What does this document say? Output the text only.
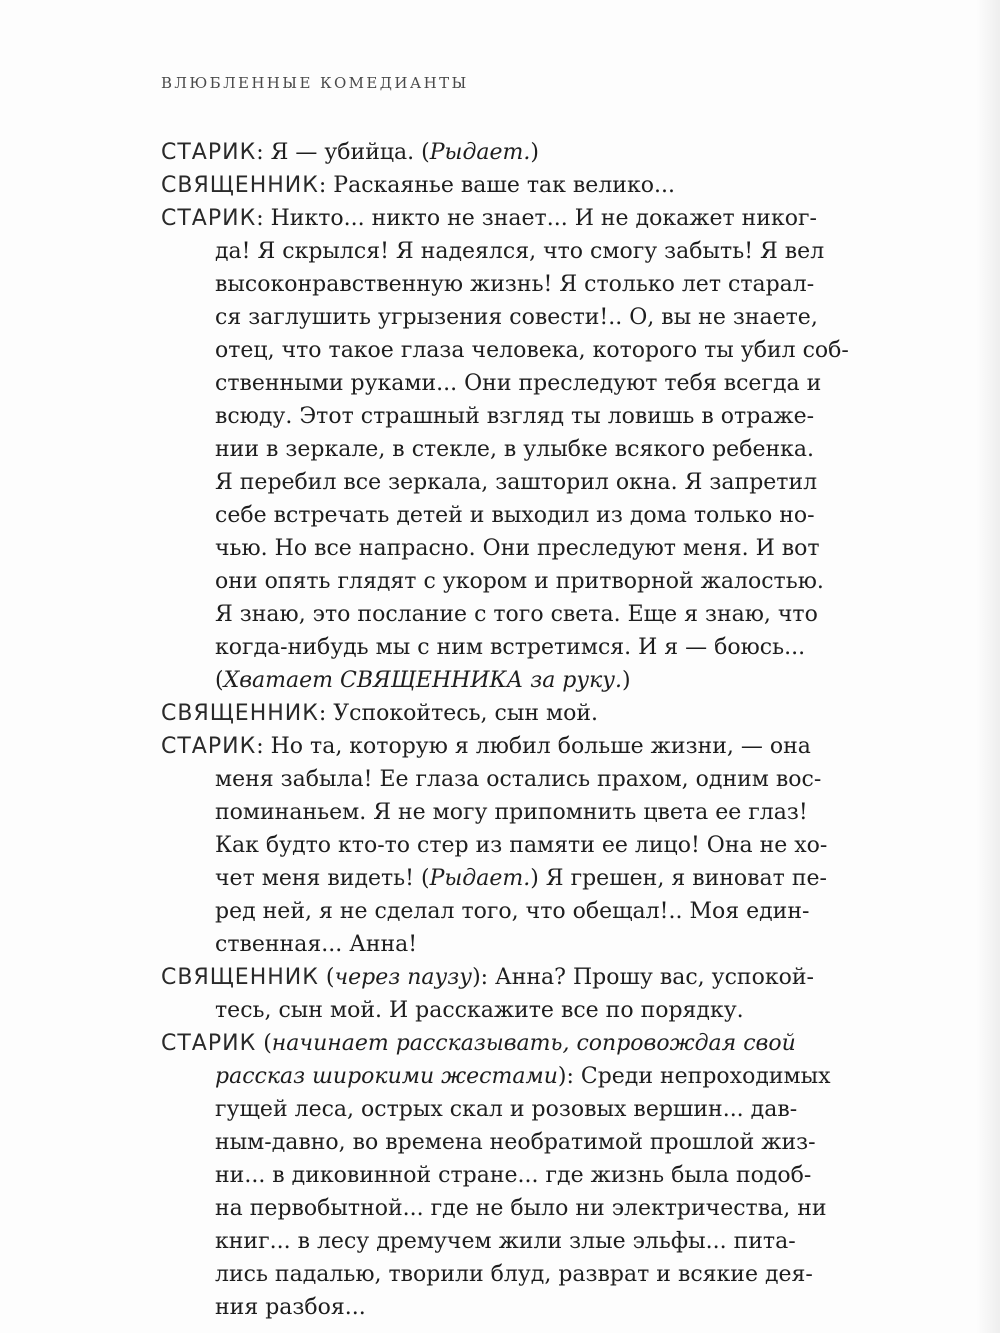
ВЛЮБЛЕННЫЕ КОМЕДИАНТЫ
СТАРИК: Я — убийца. (Рыдает.)
СВЯЩЕННИК: Раскаянье ваше так велико...
СТАРИК: Никто... никто не знает... И не докажет никог-
да! Я скрылся! Я надеялся, что смогу забыть! Я вел
высоконравственную жизнь! Я столько лет старал-
ся заглушить угрызения совести!.. О, вы не знаете,
отец, что такое глаза человека, которого ты убил соб-
ственными руками... Они преследуют тебя всегда и
всюду. Этот страшный взгляд ты ловишь в отраже-
нии в зеркале, в стекле, в улыбке всякого ребенка.
Я перебил все зеркала, зашторил окна. Я запретил
себе встречать детей и выходил из дома только но-
чью. Но все напрасно. Они преследуют меня. И вот
они опять глядят с укором и притворной жалостью.
Я знаю, это послание с того света. Еще я знаю, что
когда-нибудь мы с ним встретимся. И я — боюсь...
(Хватает СВЯЩЕННИКА за руку.)
СВЯЩЕННИК: Успокойтесь, сын мой.
СТАРИК: Но та, которую я любил больше жизни, — она
меня забыла! Ее глаза остались прахом, одним вос-
поминаньем. Я не могу припомнить цвета ее глаз!
Как будто кто-то стер из памяти ее лицо! Она не хо-
чет меня видеть! (Рыдает.) Я грешен, я виноват пе-
ред ней, я не сделал того, что обещал!.. Моя един-
ственная... Анна!
СВЯЩЕННИК (через паузу): Анна? Прошу вас, успокой-
тесь, сын мой. И расскажите все по порядку.
СТАРИК (начинает рассказывать, сопровождая свой
рассказ широкими жестами): Среди непроходимых
гущей леса, острых скал и розовых вершин... дав-
ным-давно, во времена необратимой прошлой жиз-
ни... в диковинной стране... где жизнь была подоб-
на первобытной... где не было ни электричества, ни
книг... в лесу дремучем жили злые эльфы... пита-
лись падалью, творили блуд, разврат и всякие дея-
ния разбоя...
